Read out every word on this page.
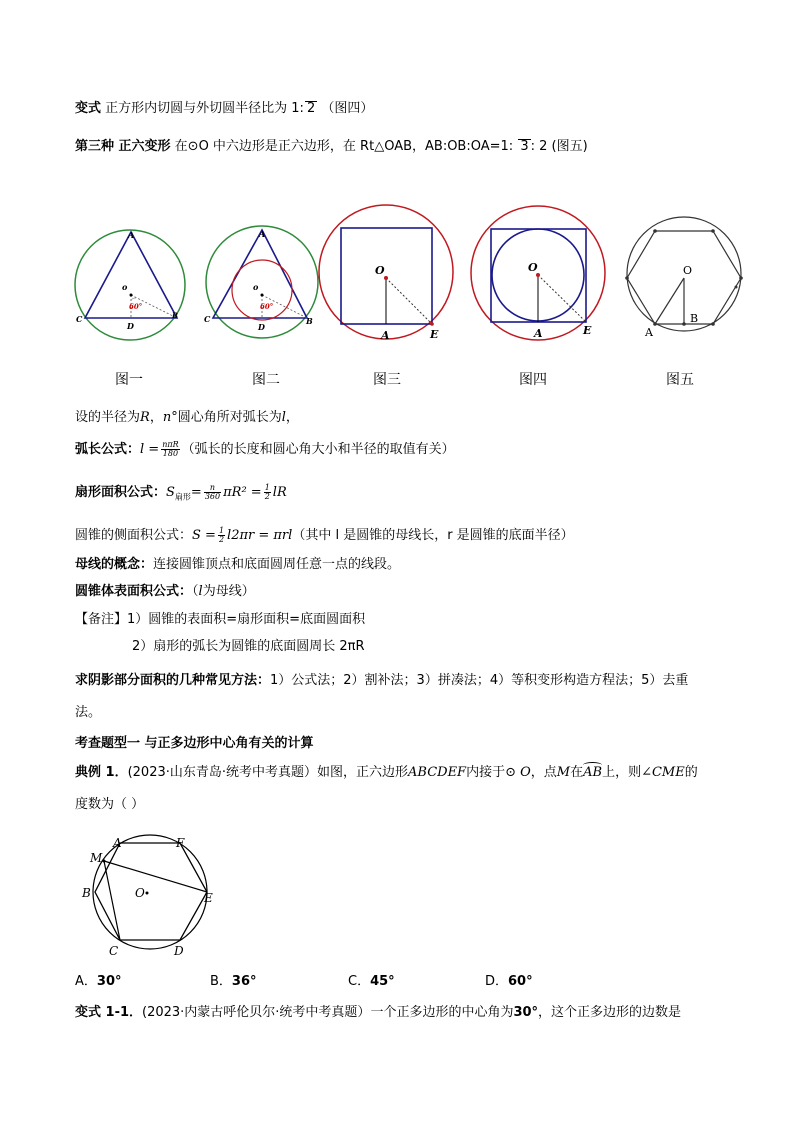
变式 正方形内切圆与外切圆半径比为 1: 2 （图四）
第三种 正六变形 在⊙O 中六边形是正六边形，在 Rt△OAB，AB:OB:OA=1: 3 : 2 (图五)
A
o
60°
C
D
B
A
o
60°
C
D
B
O
A	E
O
A	E
O
A
B
图一	图二	图三	图四	图五
设的半径为R，n°圆心角所对弧长为l，
弧长公式：$l = \frac{\text{nπR}}{180}$ （弧长的长度和圆心角大小和半径的取值有关）
扇形面积公式：$S_{扇形}= \frac{n}{360} \pi R^2 = \frac{1}{2}$ lR
圆锥的侧面积公式：$S = \frac{1}{2} l2\pi r = \pi rl$（其中 l 是圆锥的母线长，r 是圆锥的底面半径）
母线的概念：连接圆锥顶点和底面圆周任意一点的线段。
圆锥体表面积公式：（l为母线）
【备注】1）圆锥的表面积=扇形面积=底面圆面积
2）扇形的弧长为圆锥的底面圆周长 2πR
求阴影部分面积的几种常见方法：1）公式法；2）割补法；3）拼凑法；4）等积变形构造方程法；5）去重
法。
考查题型一 与正多边形中心角有关的计算
典例 1．(2023·山东青岛·统考中考真题）如图，正六边形ABCDEF内接于⊙ O，点M在AB上，则∠CME的
度数为（ ）
A	F
M
B	O	E
C	D
A．30°	B．36°	C．45°	D．60°
变式 1-1．(2023·内蒙古呼伦贝尔·统考中考真题）一个正多边形的中心角为30°，这个正多边形的边数是
